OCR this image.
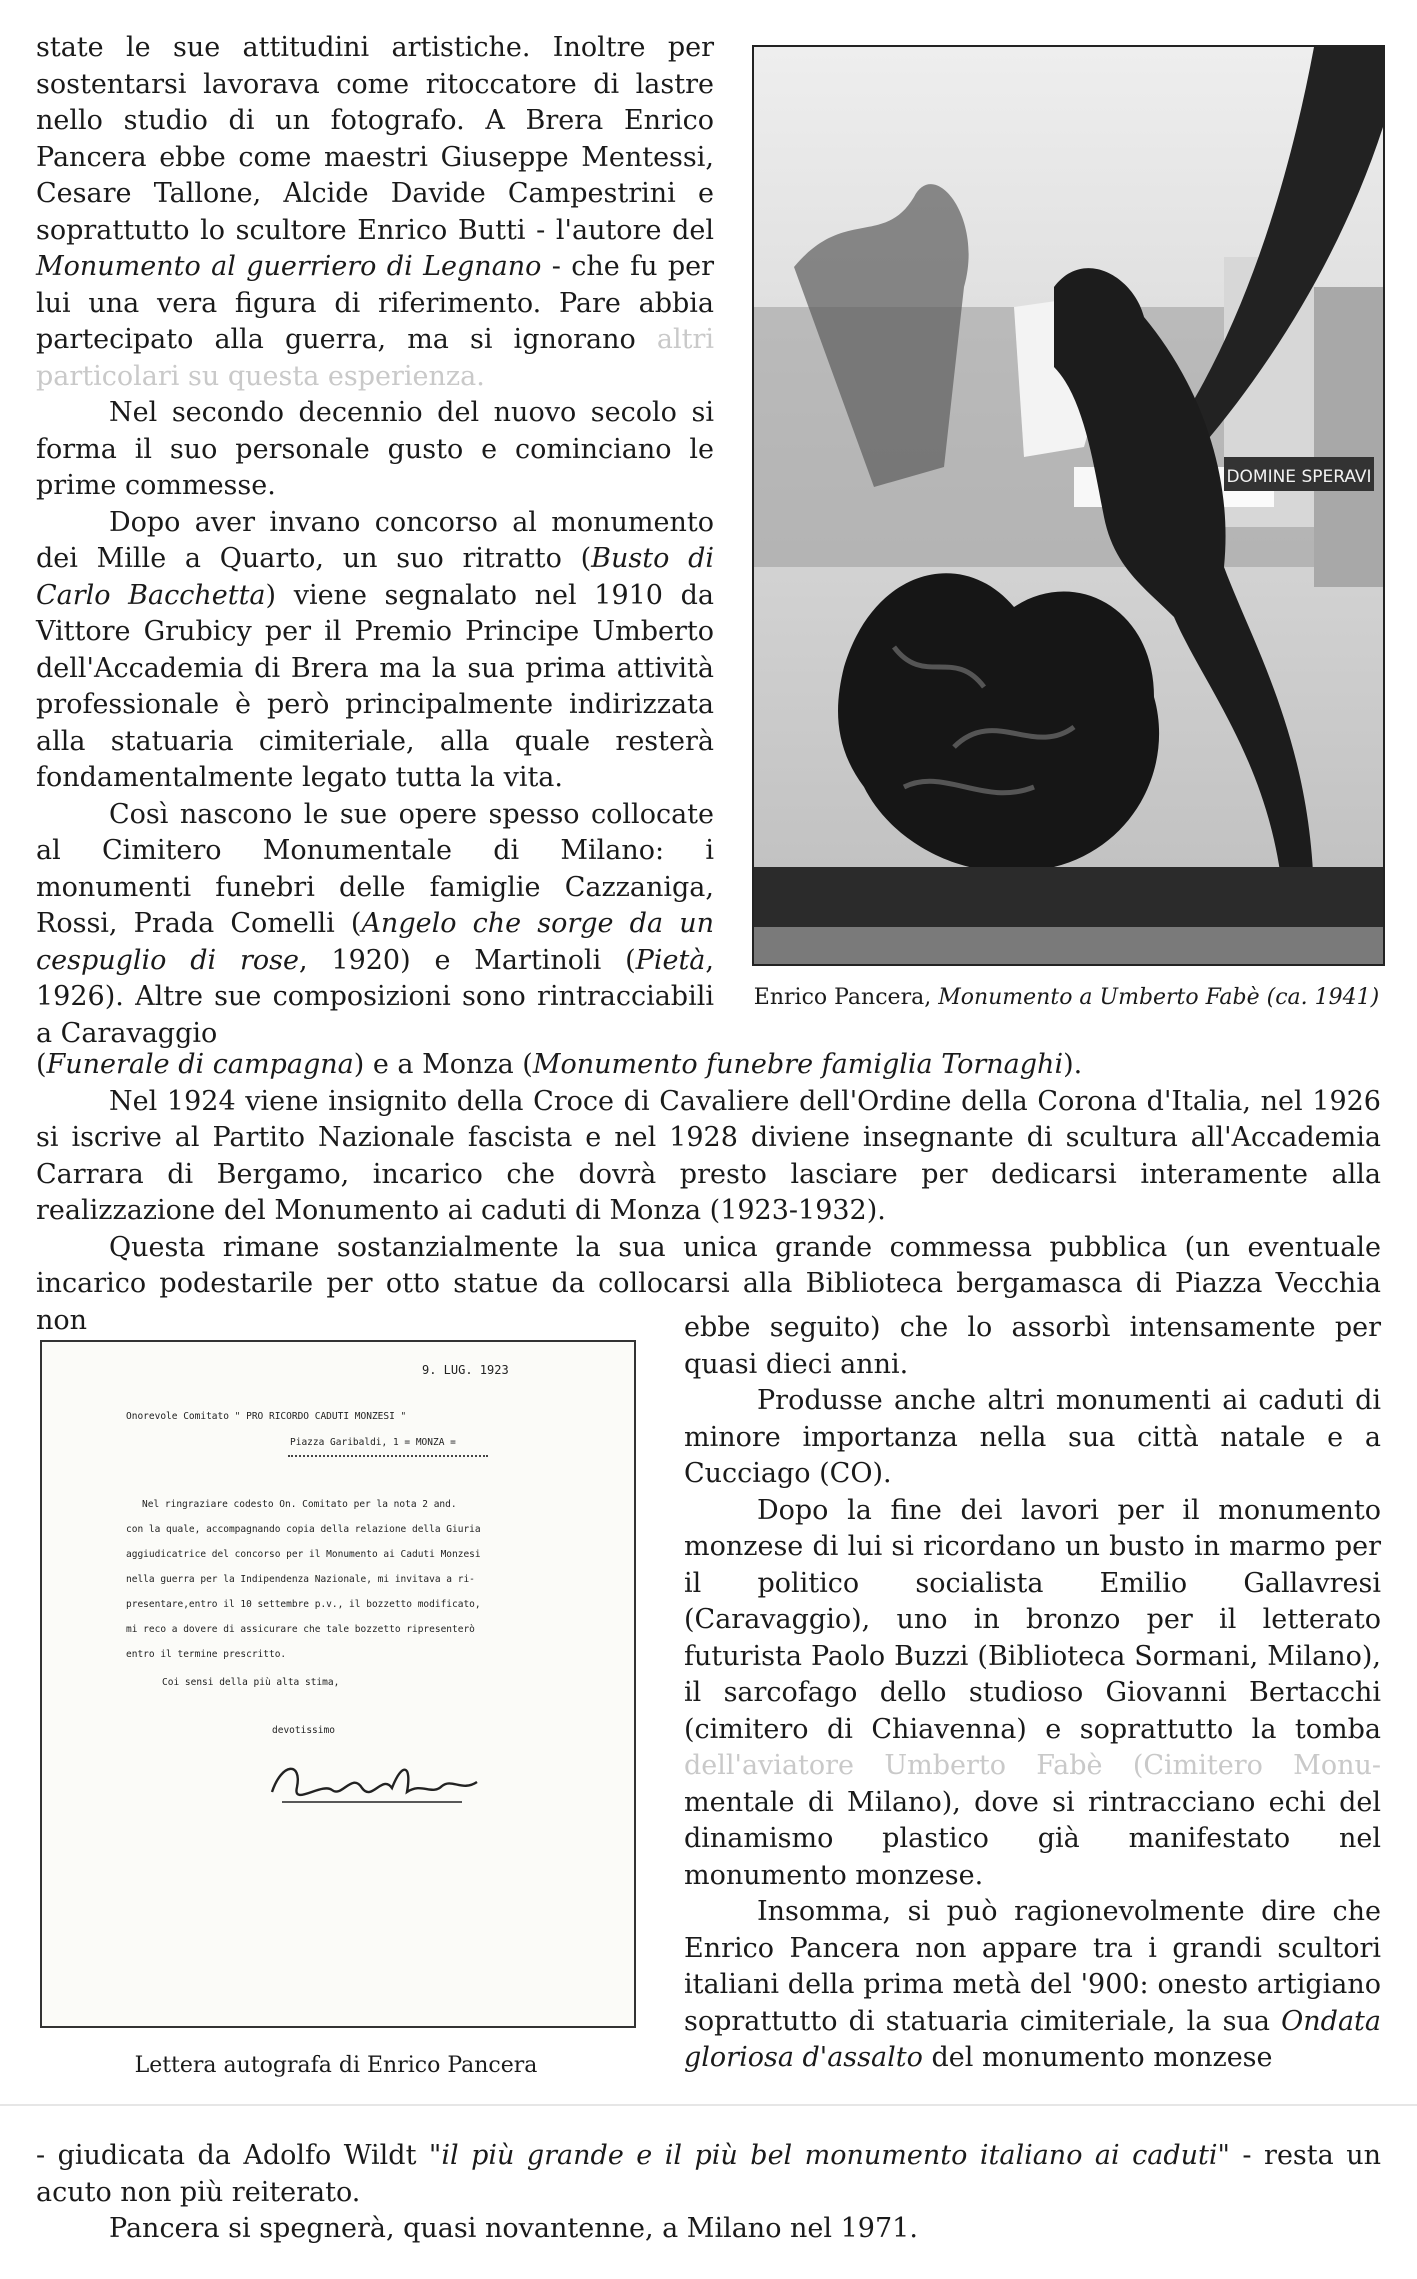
state le sue attitudini artistiche. Inoltre per sostentarsi lavorava come ritoccatore di lastre nello studio di un fotografo. A Brera Enrico Pancera ebbe come maestri Giuseppe Mentessi, Cesare Tallone, Alcide Davide Campestrini e soprattutto lo scultore Enrico Butti - l'autore del Monumento al guerriero di Legnano - che fu per lui una vera figura di riferimento. Pare abbia partecipato alla guerra, ma si ignorano altri particolari su questa esperienza.

Nel secondo decennio del nuovo secolo si forma il suo personale gusto e cominciano le prime commesse.

Dopo aver invano concorso al monumento dei Mille a Quarto, un suo ritratto (Busto di Carlo Bacchetta) viene segnalato nel 1910 da Vittore Grubicy per il Premio Principe Umberto dell'Accademia di Brera ma la sua prima attività professionale è però principalmente indirizzata alla statuaria cimiteriale, alla quale resterà fondamentalmente legato tutta la vita.

Così nascono le sue opere spesso collocate al Cimitero Monumentale di Milano: i monumenti funebri delle famiglie Cazzaniga, Rossi, Prada Comelli (Angelo che sorge da un cespuglio di rose, 1920) e Martinoli (Pietà, 1926). Altre sue composizioni sono rintracciabili a Caravaggio

DOMINE SPERAVI
Enrico Pancera, Monumento a Umberto Fabè (ca. 1941)

(Funerale di campagna) e a Monza (Monumento funebre famiglia Tornaghi).

Nel 1924 viene insignito della Croce di Cavaliere dell'Ordine della Corona d'Italia, nel 1926 si iscrive al Partito Nazionale fascista e nel 1928 diviene insegnante di scultura all'Accademia Carrara di Bergamo, incarico che dovrà presto lasciare per dedicarsi interamente alla realizzazione del Monumento ai caduti di Monza (1923-1932).

Questa rimane sostanzialmente la sua unica grande commessa pubblica (un eventuale incarico podestarile per otto statue da collocarsi alla Biblioteca bergamasca di Piazza Vecchia non

9. LUG. 1923
Onorevole Comitato " PRO RICORDO CADUTI MONZESI "
Piazza Garibaldi, 1 = MONZA =
Nel ringraziare codesto On. Comitato per la nota 2 and.
con la quale, accompagnando copia della relazione della Giuria
aggiudicatrice del concorso per il Monumento ai Caduti Monzesi
nella guerra per la Indipendenza Nazionale, mi invitava a ri-
presentare,entro il 10 settembre p.v., il bozzetto modificato,
mi reco a dovere di assicurare che tale bozzetto ripresenterò
entro il termine prescritto.
Coi sensi della più alta stima,
devotissimo
Lettera autografa di Enrico Pancera

ebbe seguito) che lo assorbì intensamente per quasi dieci anni.

Produsse anche altri monumenti ai caduti di minore importanza nella sua città natale e a Cucciago (CO).

Dopo la fine dei lavori per il monumento monzese di lui si ricordano un busto in marmo per il politico socialista Emilio Gallavresi (Caravaggio), uno in bronzo per il letterato futurista Paolo Buzzi (Biblioteca Sormani, Milano), il sarcofago dello studioso Giovanni Bertacchi (cimitero di Chiavenna) e soprattutto la tomba dell'aviatore Umberto Fabè (Cimitero Monu- mentale di Milano), dove si rintracciano echi del dinamismo plastico già manifestato nel monumento monzese.

Insomma, si può ragionevolmente dire che Enrico Pancera non appare tra i grandi scultori italiani della prima metà del '900: onesto artigiano soprattutto di statuaria cimiteriale, la sua Ondata gloriosa d'assalto del monumento monzese

- giudicata da Adolfo Wildt "il più grande e il più bel monumento italiano ai caduti" - resta un acuto non più reiterato.

Pancera si spegnerà, quasi novantenne, a Milano nel 1971.
